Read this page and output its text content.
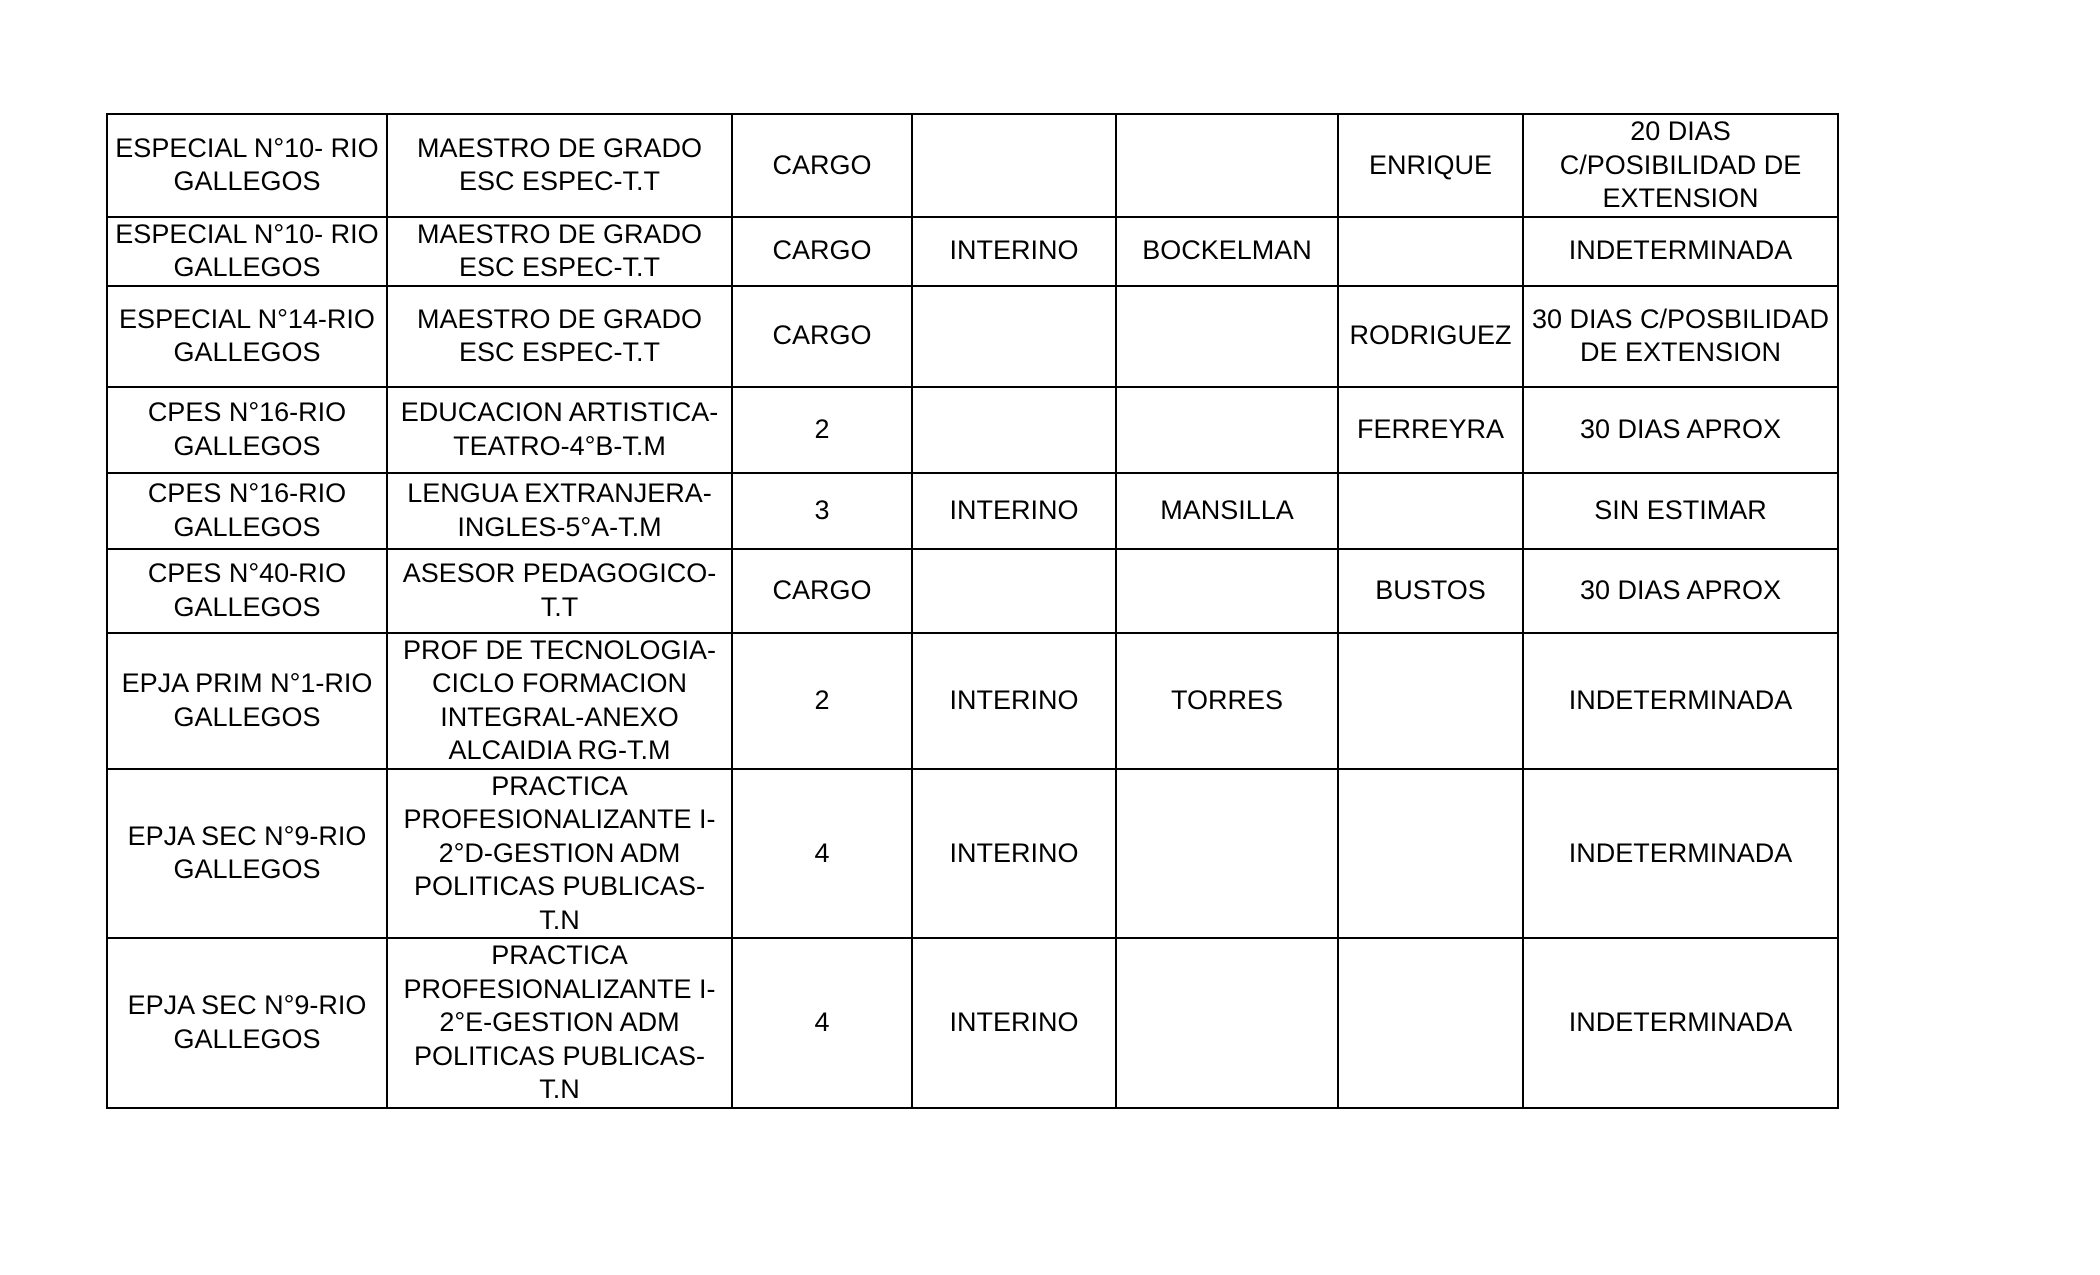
ESPECIAL N°10- RIO
GALLEGOS	MAESTRO DE GRADO
ESC ESPEC-T.T	CARGO			ENRIQUE	20 DIAS
C/POSIBILIDAD DE
EXTENSION
ESPECIAL N°10- RIO
GALLEGOS	MAESTRO DE GRADO
ESC ESPEC-T.T	CARGO	INTERINO	BOCKELMAN		INDETERMINADA
ESPECIAL N°14-RIO
GALLEGOS	MAESTRO DE GRADO
ESC ESPEC-T.T	CARGO			RODRIGUEZ	30 DIAS C/POSBILIDAD
DE EXTENSION
CPES N°16-RIO
GALLEGOS	EDUCACION ARTISTICA-
TEATRO-4°B-T.M	2			FERREYRA	30 DIAS APROX
CPES N°16-RIO
GALLEGOS	LENGUA EXTRANJERA-
INGLES-5°A-T.M	3	INTERINO	MANSILLA		SIN ESTIMAR
CPES N°40-RIO
GALLEGOS	ASESOR PEDAGOGICO-
T.T	CARGO			BUSTOS	30 DIAS APROX
EPJA PRIM N°1-RIO
GALLEGOS	PROF DE TECNOLOGIA-
CICLO FORMACION
INTEGRAL-ANEXO
ALCAIDIA RG-T.M	2	INTERINO	TORRES		INDETERMINADA
EPJA SEC N°9-RIO
GALLEGOS	PRACTICA
PROFESIONALIZANTE I-
2°D-GESTION ADM
POLITICAS PUBLICAS-
T.N	4	INTERINO			INDETERMINADA
EPJA SEC N°9-RIO
GALLEGOS	PRACTICA
PROFESIONALIZANTE I-
2°E-GESTION ADM
POLITICAS PUBLICAS-
T.N	4	INTERINO			INDETERMINADA
